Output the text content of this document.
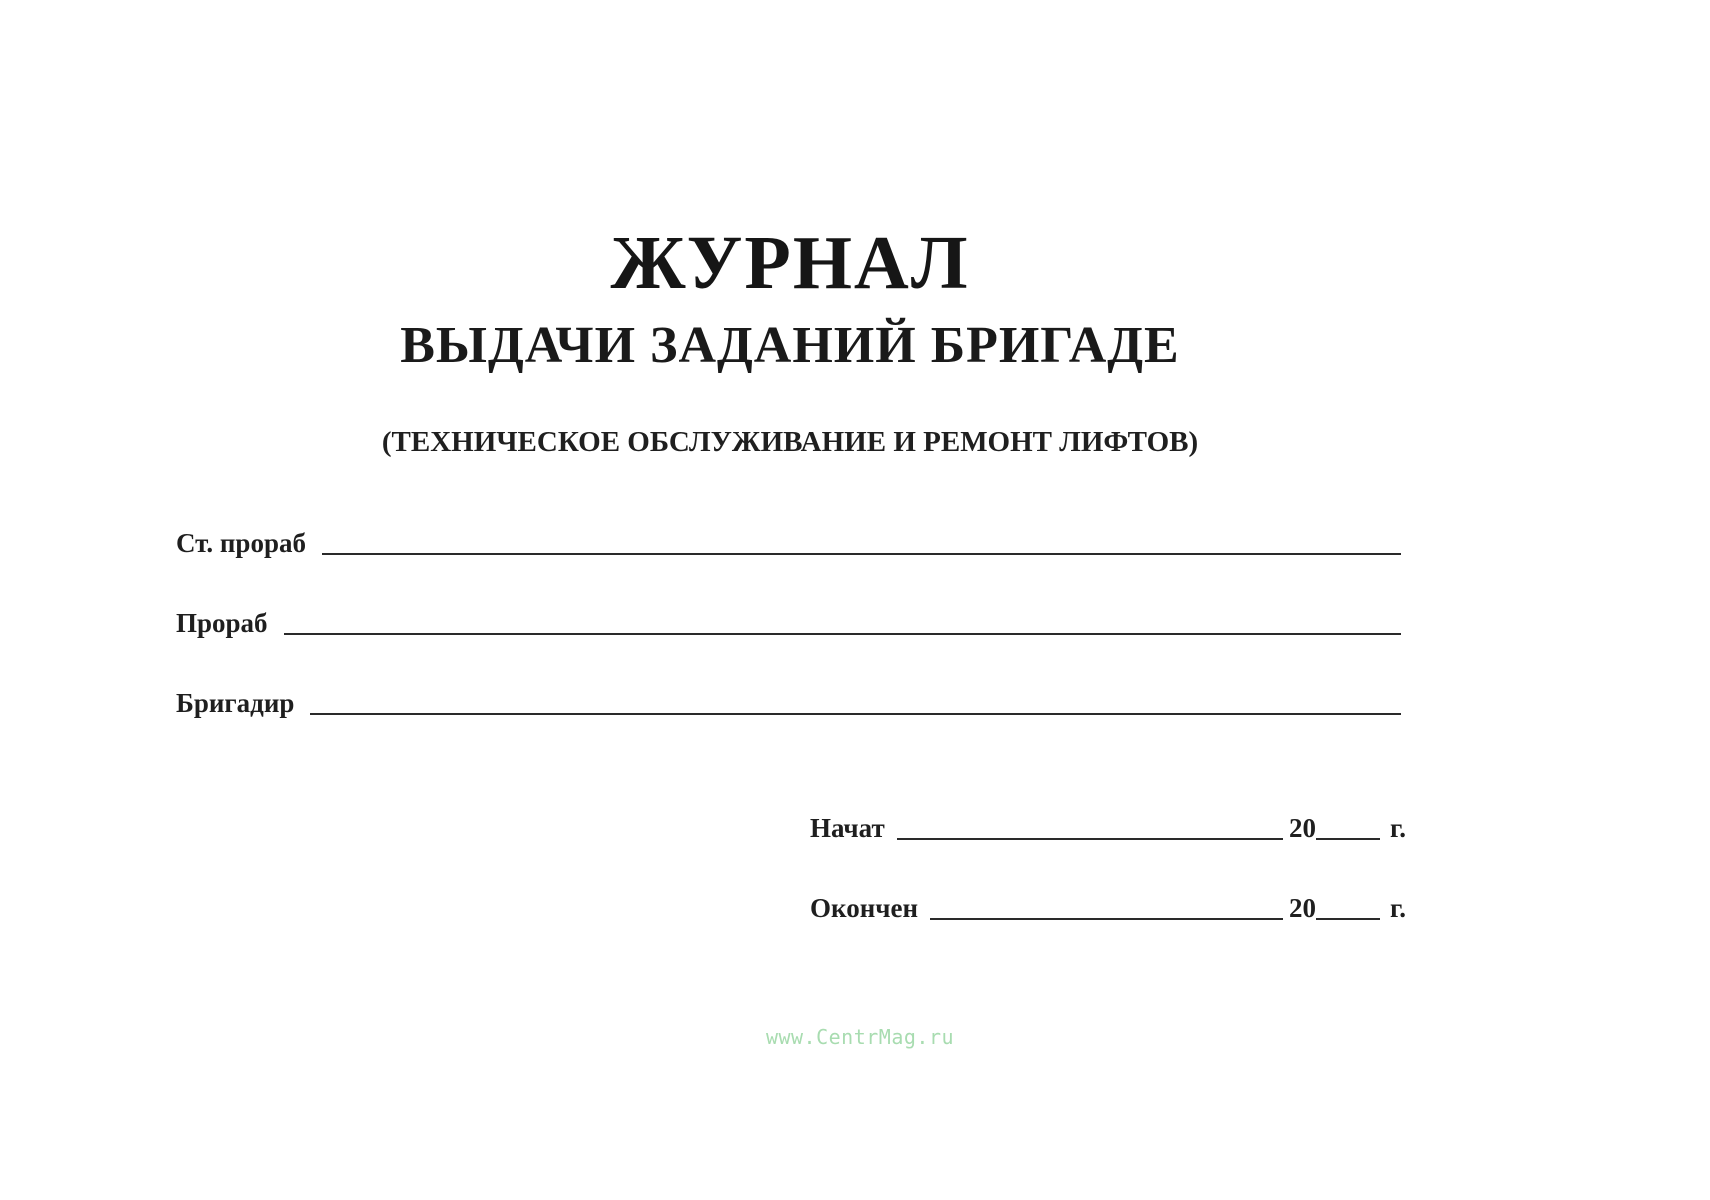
ЖУРНАЛ
ВЫДАЧИ ЗАДАНИЙ БРИГАДЕ
(ТЕХНИЧЕСКОЕ ОБСЛУЖИВАНИЕ И РЕМОНТ ЛИФТОВ)
Ст. прораб
Прораб
Бригадир
Начат	20	г.
Окончен	20	г.
www.CentrMag.ru
